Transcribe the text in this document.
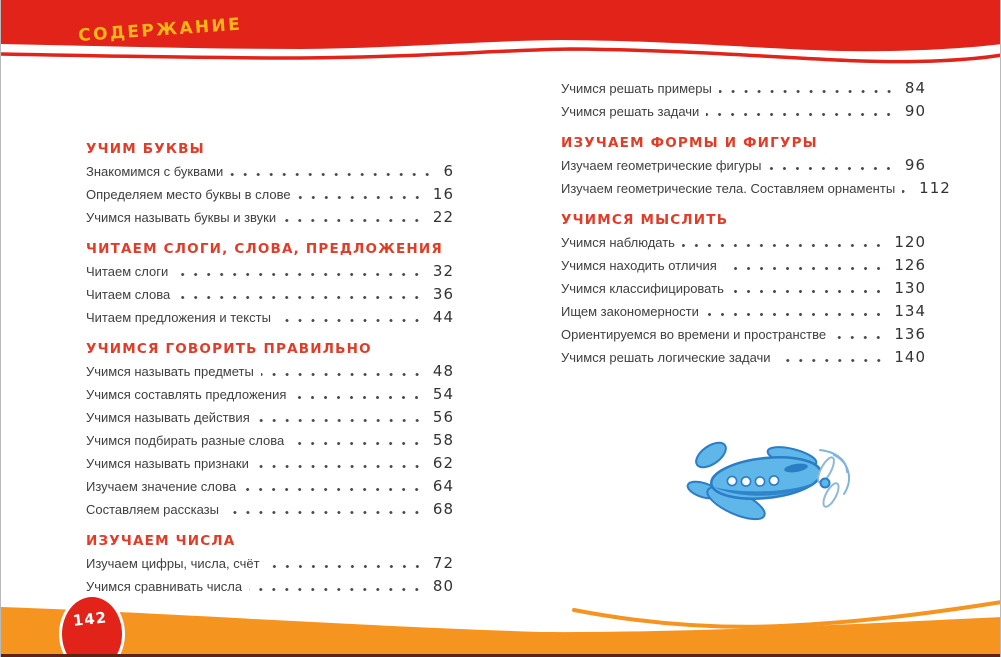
СОДЕРЖАНИЕ
142
УЧИМ БУКВЫ
Знакомимся с буквами	6
Определяем место буквы в слове	16
Учимся называть буквы и звуки	22
ЧИТАЕМ СЛОГИ, СЛОВА, ПРЕДЛОЖЕНИЯ
Читаем слоги	32
Читаем слова	36
Читаем предложения и тексты	44
УЧИМСЯ ГОВОРИТЬ ПРАВИЛЬНО
Учимся называть предметы	48
Учимся составлять предложения	54
Учимся называть действия	56
Учимся подбирать разные слова	58
Учимся называть признаки	62
Изучаем значение слова	64
Составляем рассказы	68
ИЗУЧАЕМ ЧИСЛА
Изучаем цифры, числа, счёт	72
Учимся сравнивать числа	80
Учимся решать примеры	84
Учимся решать задачи	90
ИЗУЧАЕМ ФОРМЫ И ФИГУРЫ
Изучаем геометрические фигуры	96
Изучаем геометрические тела. Составляем орнаменты 112
УЧИМСЯ МЫСЛИТЬ
Учимся наблюдать	120
Учимся находить отличия	126
Учимся классифицировать	130
Ищем закономерности	134
Ориентируемся во времени и пространстве	136
Учимся решать логические задачи	140
